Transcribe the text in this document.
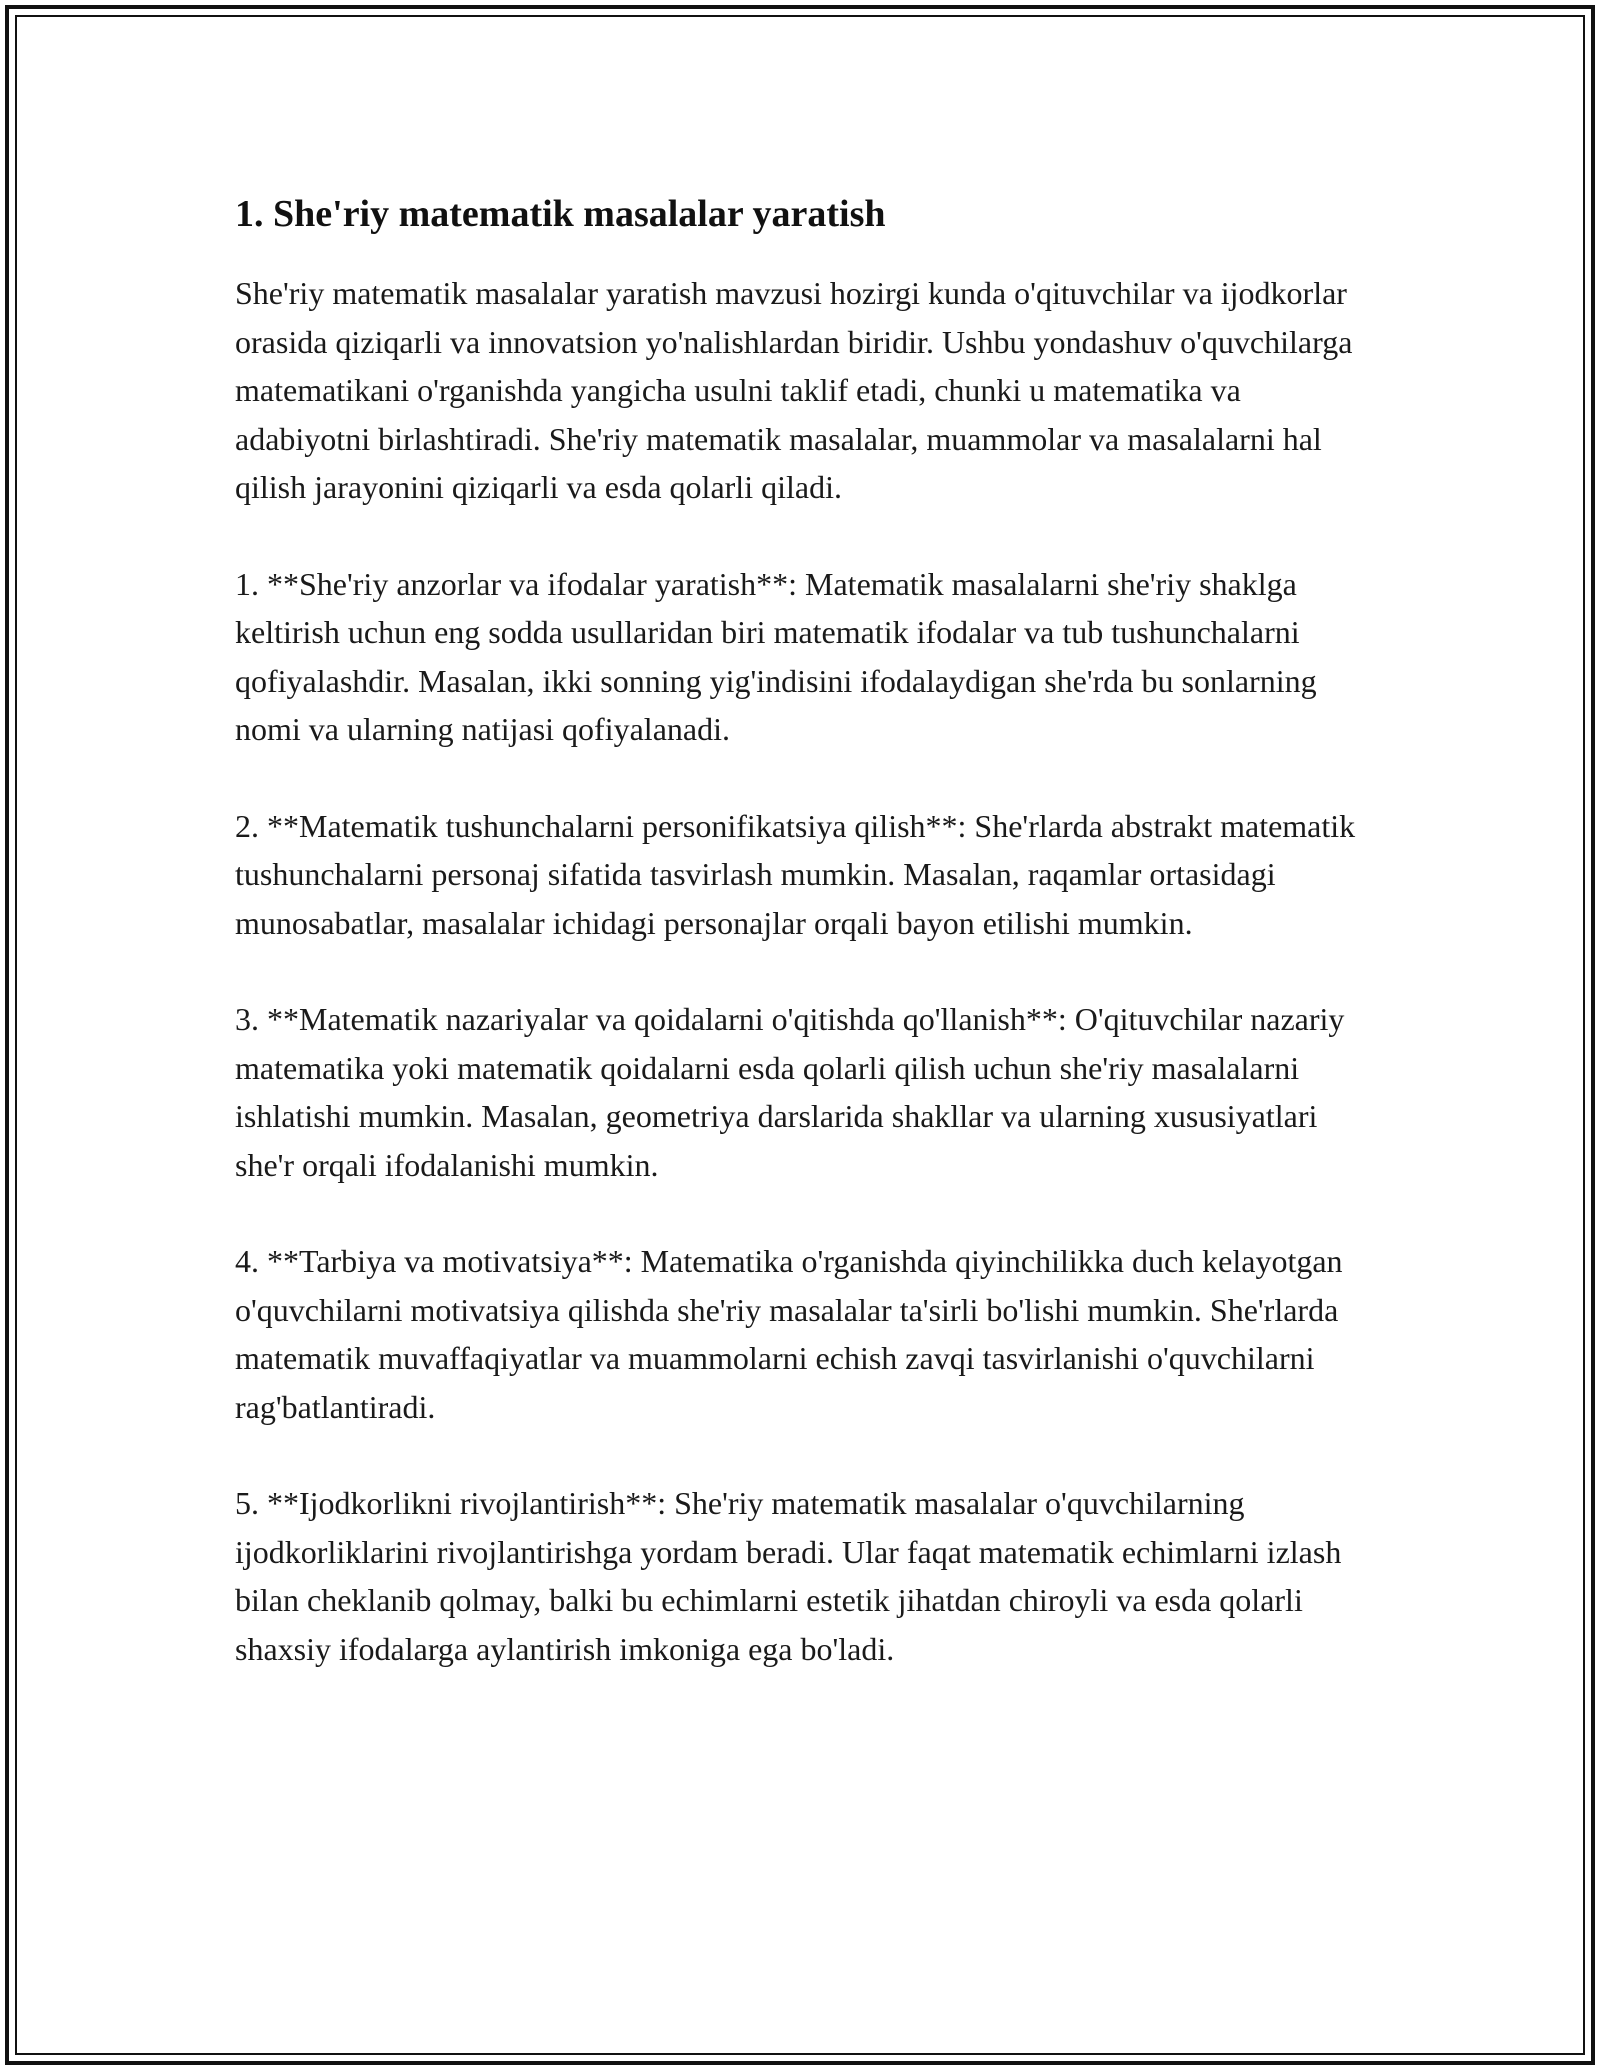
1. She'riy matematik masalalar yaratish

She'riy matematik masalalar yaratish mavzusi hozirgi kunda o'qituvchilar va ijodkorlar orasida qiziqarli va innovatsion yo'nalishlardan biridir. Ushbu yondashuv o'quvchilarga matematikani o'rganishda yangicha usulni taklif etadi, chunki u matematika va adabiyotni birlashtiradi. She'riy matematik masalalar, muammolar va masalalarni hal qilish jarayonini qiziqarli va esda qolarli qiladi.

1. **She'riy anzorlar va ifodalar yaratish**: Matematik masalalarni she'riy shaklga keltirish uchun eng sodda usullaridan biri matematik ifodalar va tub tushunchalarni qofiyalashdir. Masalan, ikki sonning yig'indisini ifodalaydigan she'rda bu sonlarning nomi va ularning natijasi qofiyalanadi.

2. **Matematik tushunchalarni personifikatsiya qilish**: She'rlarda abstrakt matematik tushunchalarni personaj sifatida tasvirlash mumkin. Masalan, raqamlar ortasidagi munosabatlar, masalalar ichidagi personajlar orqali bayon etilishi mumkin.

3. **Matematik nazariyalar va qoidalarni o'qitishda qo'llanish**: O'qituvchilar nazariy matematika yoki matematik qoidalarni esda qolarli qilish uchun she'riy masalalarni ishlatishi mumkin. Masalan, geometriya darslarida shakllar va ularning xususiyatlari she'r orqali ifodalanishi mumkin.

4. **Tarbiya va motivatsiya**: Matematika o'rganishda qiyinchilikka duch kelayotgan o'quvchilarni motivatsiya qilishda she'riy masalalar ta'sirli bo'lishi mumkin. She'rlarda matematik muvaffaqiyatlar va muammolarni echish zavqi tasvirlanishi o'quvchilarni rag'batlantiradi.

5. **Ijodkorlikni rivojlantirish**: She'riy matematik masalalar o'quvchilarning ijodkorliklarini rivojlantirishga yordam beradi. Ular faqat matematik echimlarni izlash bilan cheklanib qolmay, balki bu echimlarni estetik jihatdan chiroyli va esda qolarli shaxsiy ifodalarga aylantirish imkoniga ega bo'ladi.
